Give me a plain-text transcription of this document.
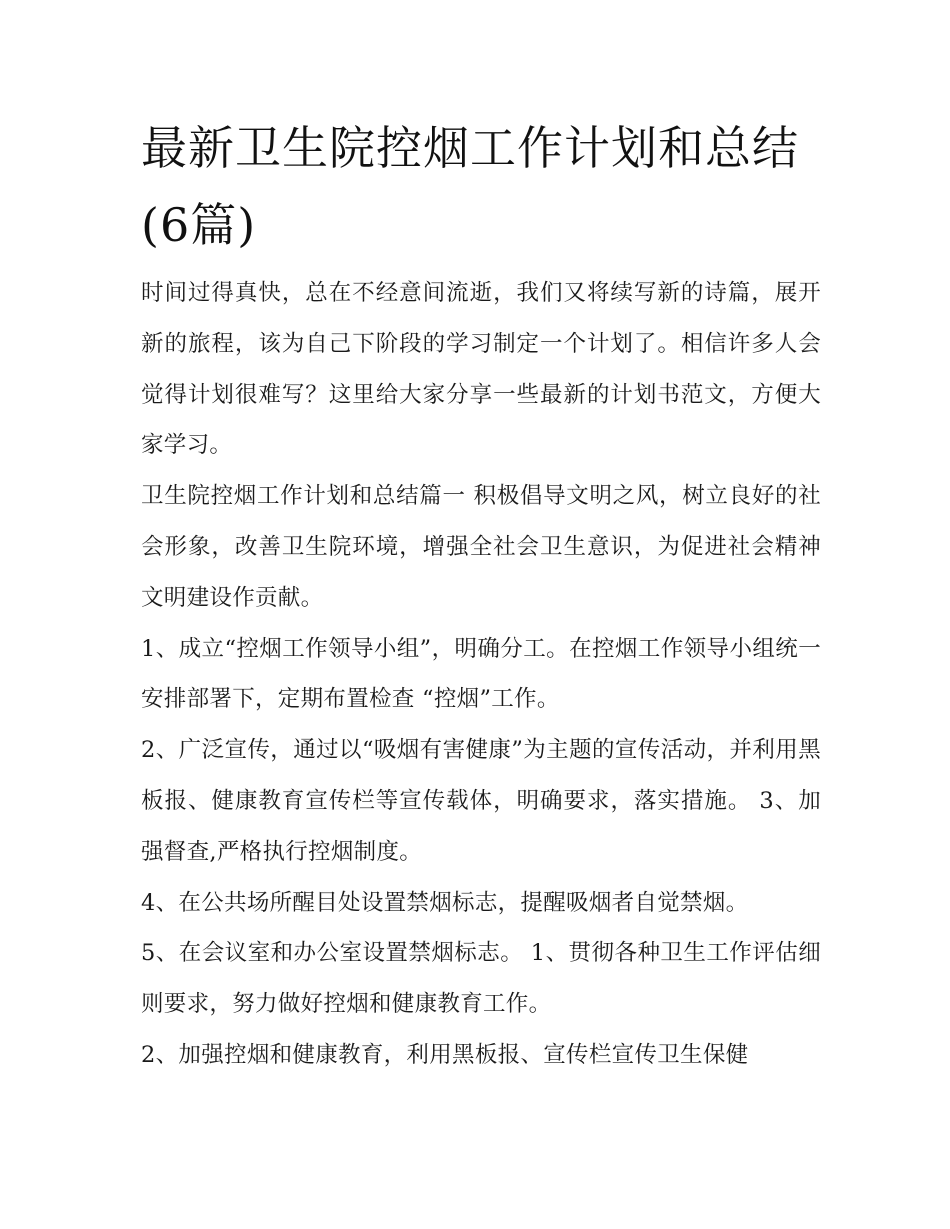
最新卫生院控烟工作计划和总结(6篇)

时间过得真快，总在不经意间流逝，我们又将续写新的诗篇，展开新的旅程，该为自己下阶段的学习制定一个计划了。相信许多人会觉得计划很难写？这里给大家分享一些最新的计划书范文，方便大家学习。

卫生院控烟工作计划和总结篇一 积极倡导文明之风，树立良好的社会形象，改善卫生院环境，增强全社会卫生意识，为促进社会精神文明建设作贡献。

1、成立“控烟工作领导小组”，明确分工。在控烟工作领导小组统一安排部署下，定期布置检查 “控烟”工作。

2、广泛宣传，通过以“吸烟有害健康”为主题的宣传活动，并利用黑板报、健康教育宣传栏等宣传载体，明确要求，落实措施。 3、加强督查,严格执行控烟制度。

4、在公共场所醒目处设置禁烟标志，提醒吸烟者自觉禁烟。

5、在会议室和办公室设置禁烟标志。 1、贯彻各种卫生工作评估细则要求，努力做好控烟和健康教育工作。

2、加强控烟和健康教育，利用黑板报、宣传栏宣传卫生保健
